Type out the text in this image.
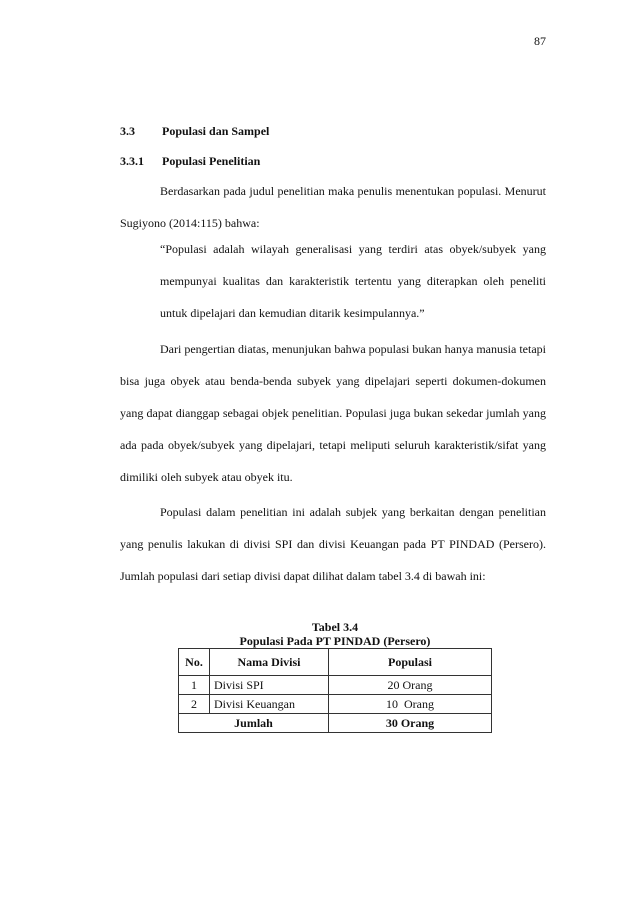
87
3.3 Populasi dan Sampel
3.3.1 Populasi Penelitian

Berdasarkan pada judul penelitian maka penulis menentukan populasi. Menurut Sugiyono (2014:115) bahwa:

“Populasi adalah wilayah generalisasi yang terdiri atas obyek/subyek yang mempunyai kualitas dan karakteristik tertentu yang diterapkan oleh peneliti untuk dipelajari dan kemudian ditarik kesimpulannya.”

Dari pengertian diatas, menunjukan bahwa populasi bukan hanya manusia tetapi bisa juga obyek atau benda-benda subyek yang dipelajari seperti dokumen-dokumen yang dapat dianggap sebagai objek penelitian. Populasi juga bukan sekedar jumlah yang ada pada obyek/subyek yang dipelajari, tetapi meliputi seluruh karakteristik/sifat yang dimiliki oleh subyek atau obyek itu.

Populasi dalam penelitian ini adalah subjek yang berkaitan dengan penelitian yang penulis lakukan di divisi SPI dan divisi Keuangan pada PT PINDAD (Persero). Jumlah populasi dari setiap divisi dapat dilihat dalam tabel 3.4 di bawah ini:

Tabel 3.4
Populasi Pada PT PINDAD (Persero)
No.	Nama Divisi	Populasi
1	Divisi SPI	20 Orang
2	Divisi Keuangan	10  Orang
Jumlah		30 Orang
